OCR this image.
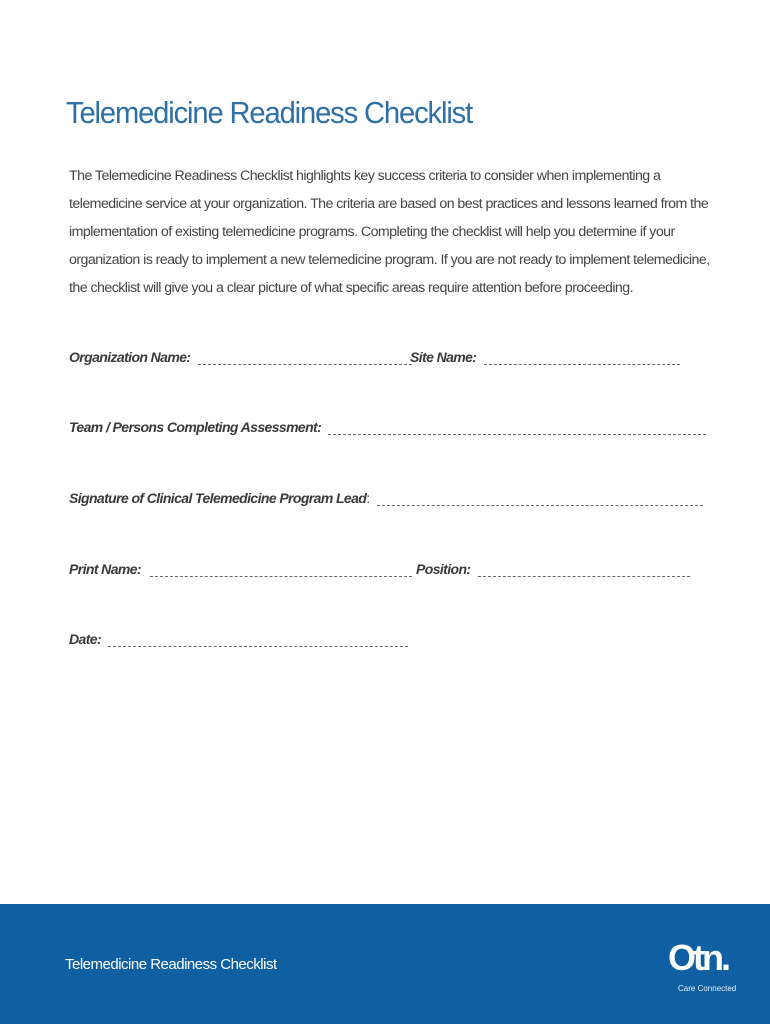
Telemedicine Readiness Checklist
The Telemedicine Readiness Checklist highlights key success criteria to consider when implementing a
telemedicine service at your organization. The criteria are based on best practices and lessons learned from the
implementation of existing telemedicine programs. Completing the checklist will help you determine if your
organization is ready to implement a new telemedicine program. If you are not ready to implement telemedicine,
the checklist will give you a clear picture of what specific areas require attention before proceeding.
Organization Name:	Site Name:
Team / Persons Completing Assessment:
Signature of Clinical Telemedicine Program Lead:
Print Name:	Position:
Date:
Telemedicine Readiness Checklist	Otn.
Care Connected
